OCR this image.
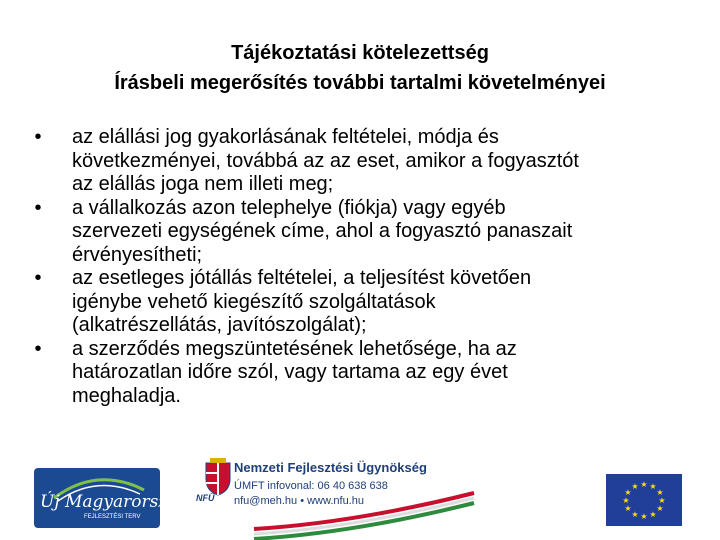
Tájékoztatási kötelezettség
Írásbeli megerősítés további tartalmi követelményei
•	az elállási jog gyakorlásának feltételei, módja és
következményei, továbbá az az eset, amikor a fogyasztót
az elállás joga nem illeti meg;
•	a vállalkozás azon telephelye (fiókja) vagy egyéb
szervezeti egységének címe, ahol a fogyasztó panaszait
érvényesítheti;
•	az esetleges jótállás feltételei, a teljesítést követően
igénybe vehető kiegészítő szolgáltatások
(alkatrészellátás, javítószolgálat);
•	a szerződés megszüntetésének lehetősége, ha az
határozatlan időre szól, vagy tartama az egy évet
meghaladja.
Új Magyarország
FEJLESZTÉSI TERV
NFÜ
Nemzeti Fejlesztési Ügynökség
ÚMFT infovonal: 06 40 638 638
nfu@meh.hu • www.nfu.hu
★ ★
★
★
★
★
★
★
★
★
★
★
